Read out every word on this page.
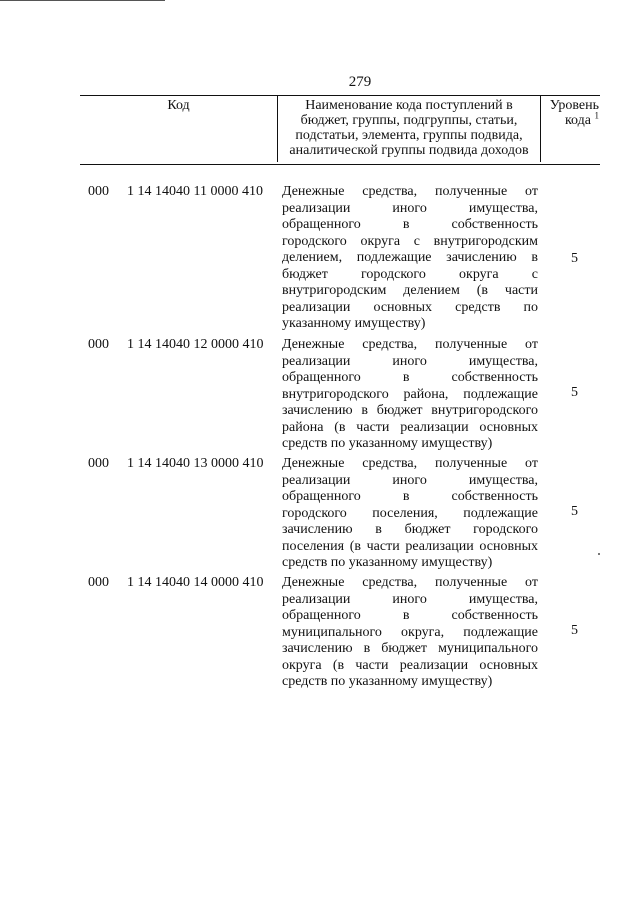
279
Код	Наименование кода поступлений в
бюджет, группы, подгруппы, статьи,
подстатьи, элемента, группы подвида,
аналитической группы подвида доходов
Уровень
кода $^1$
000 1 14 14040 11 0000 410 Денежные средства, полученные от
реализации иного имущества,
обращенного в собственность
городского округа с внутригородским
делением, подлежащие зачислению в
бюджет городского округа с
внутригородским делением (в части
реализации основных средств по
указанному имуществу)
5
000 1 14 14040 12 0000 410 Денежные средства, полученные от
реализации иного имущества,
обращенного в собственность
внутригородского района, подлежащие
зачислению в бюджет внутригородского
района (в части реализации основных
средств по указанному имуществу)
5
000 1 14 14040 13 0000 410 Денежные средства, полученные от
реализации иного имущества,
обращенного в собственность
городского поселения, подлежащие
зачислению в бюджет городского
поселения (в части реализации основных
средств по указанному имуществу)
5
000 1 14 14040 14 0000 410 Денежные средства, полученные от
реализации иного имущества,
обращенного в собственность
муниципального округа, подлежащие
зачислению в бюджет муниципального
округа (в части реализации основных
средств по указанному имуществу)
5
